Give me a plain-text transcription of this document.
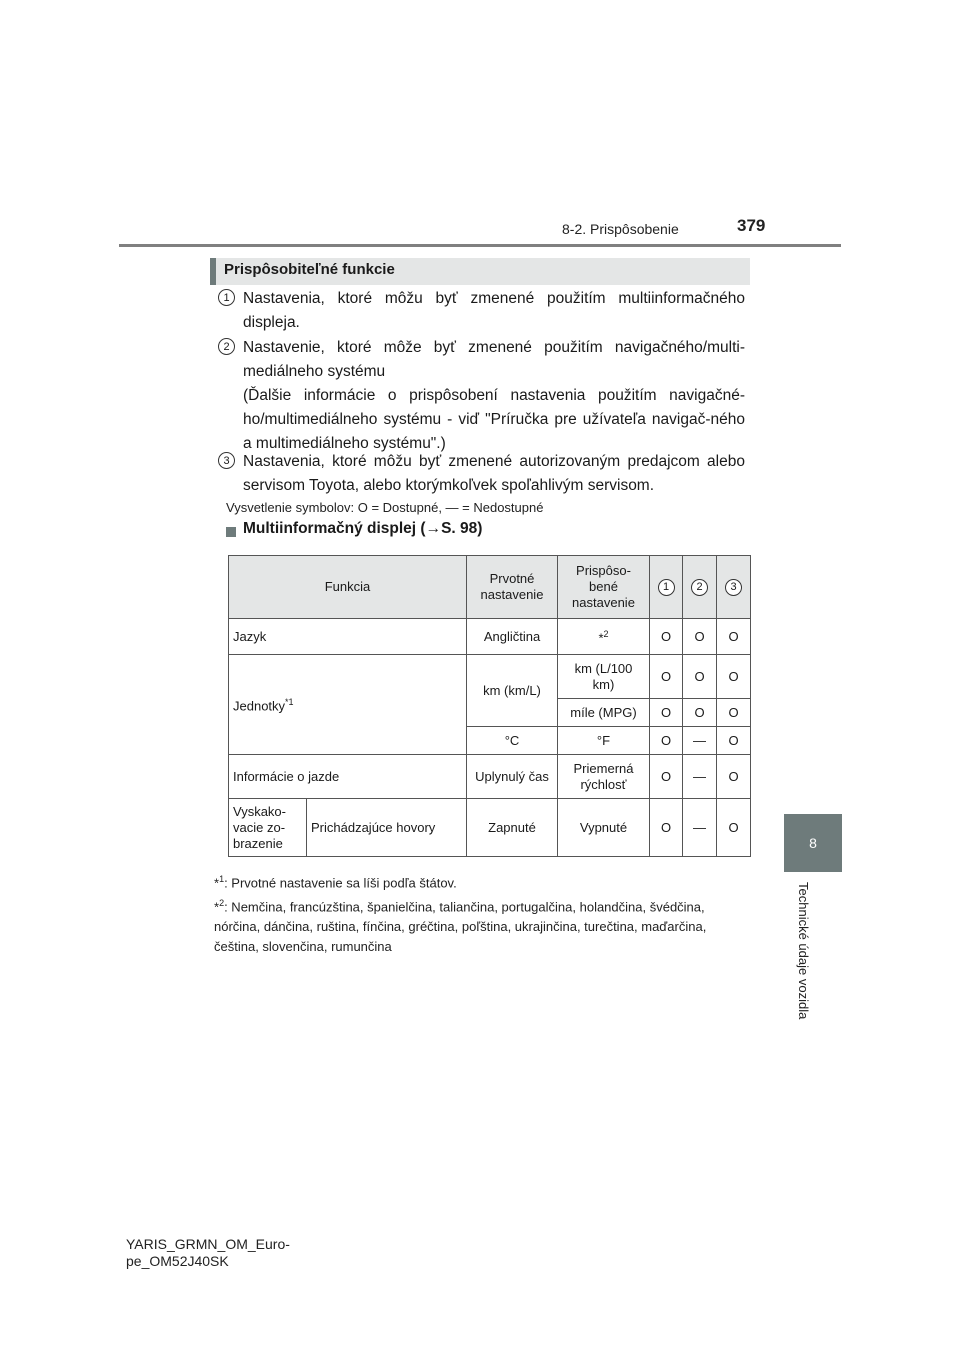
8-2. Prispôsobenie	379
8
Technické údaje vozidla
Prispôsobiteľné funkcie
1 Nastavenia, ktoré môžu byť zmenené použitím multiinformačného displeja.

2 Nastavenie, ktoré môže byť zmenené použitím navigačného/multi-mediálneho systému

(Ďalšie informácie o prispôsobení nastavenia použitím navigačné-ho/multimediálneho systému - viď "Príručka pre užívateľa navigač-ného a multimediálneho systému".)

3 Nastavenia, ktoré môžu byť zmenené autorizovaným predajcom alebo servisom Toyota, alebo ktorýmkoľvek spoľahlivým servisom.

Vysvetlenie symbolov: O = Dostupné, — = Nedostupné
Multiinformačný displej (→S. 98)
Funkcia		Prvotné nastavenie	Prispôso-bené nastavenie	1	2	3
Jazyk		Angličtina	*$^2$	O	O	O
Jednotky$^{*1}$		km (km/L)	km (L/100 km)	O	O	O
			míle (MPG)	O	O	O
		°C	°F	O	—	O
Informácie o jazde		Uplynulý čas	Priemerná rýchlosť	O	—	O
Vyskako-vacie zo-brazenie	Prichádzajúce hovory	Zapnuté	Vypnuté	O	—	O
*$^1$: Prvotné nastavenie sa líši podľa štátov.
*$^2$: Nemčina, francúzština, španielčina, taliančina, portugalčina, holandčina, švédčina, nórčina, dánčina, ruština, fínčina, gréčtina, poľština, ukrajinčina, turečtina, maďarčina, čeština, slovenčina, rumunčina
YARIS_GRMN_OM_Euro-
pe_OM52J40SK
